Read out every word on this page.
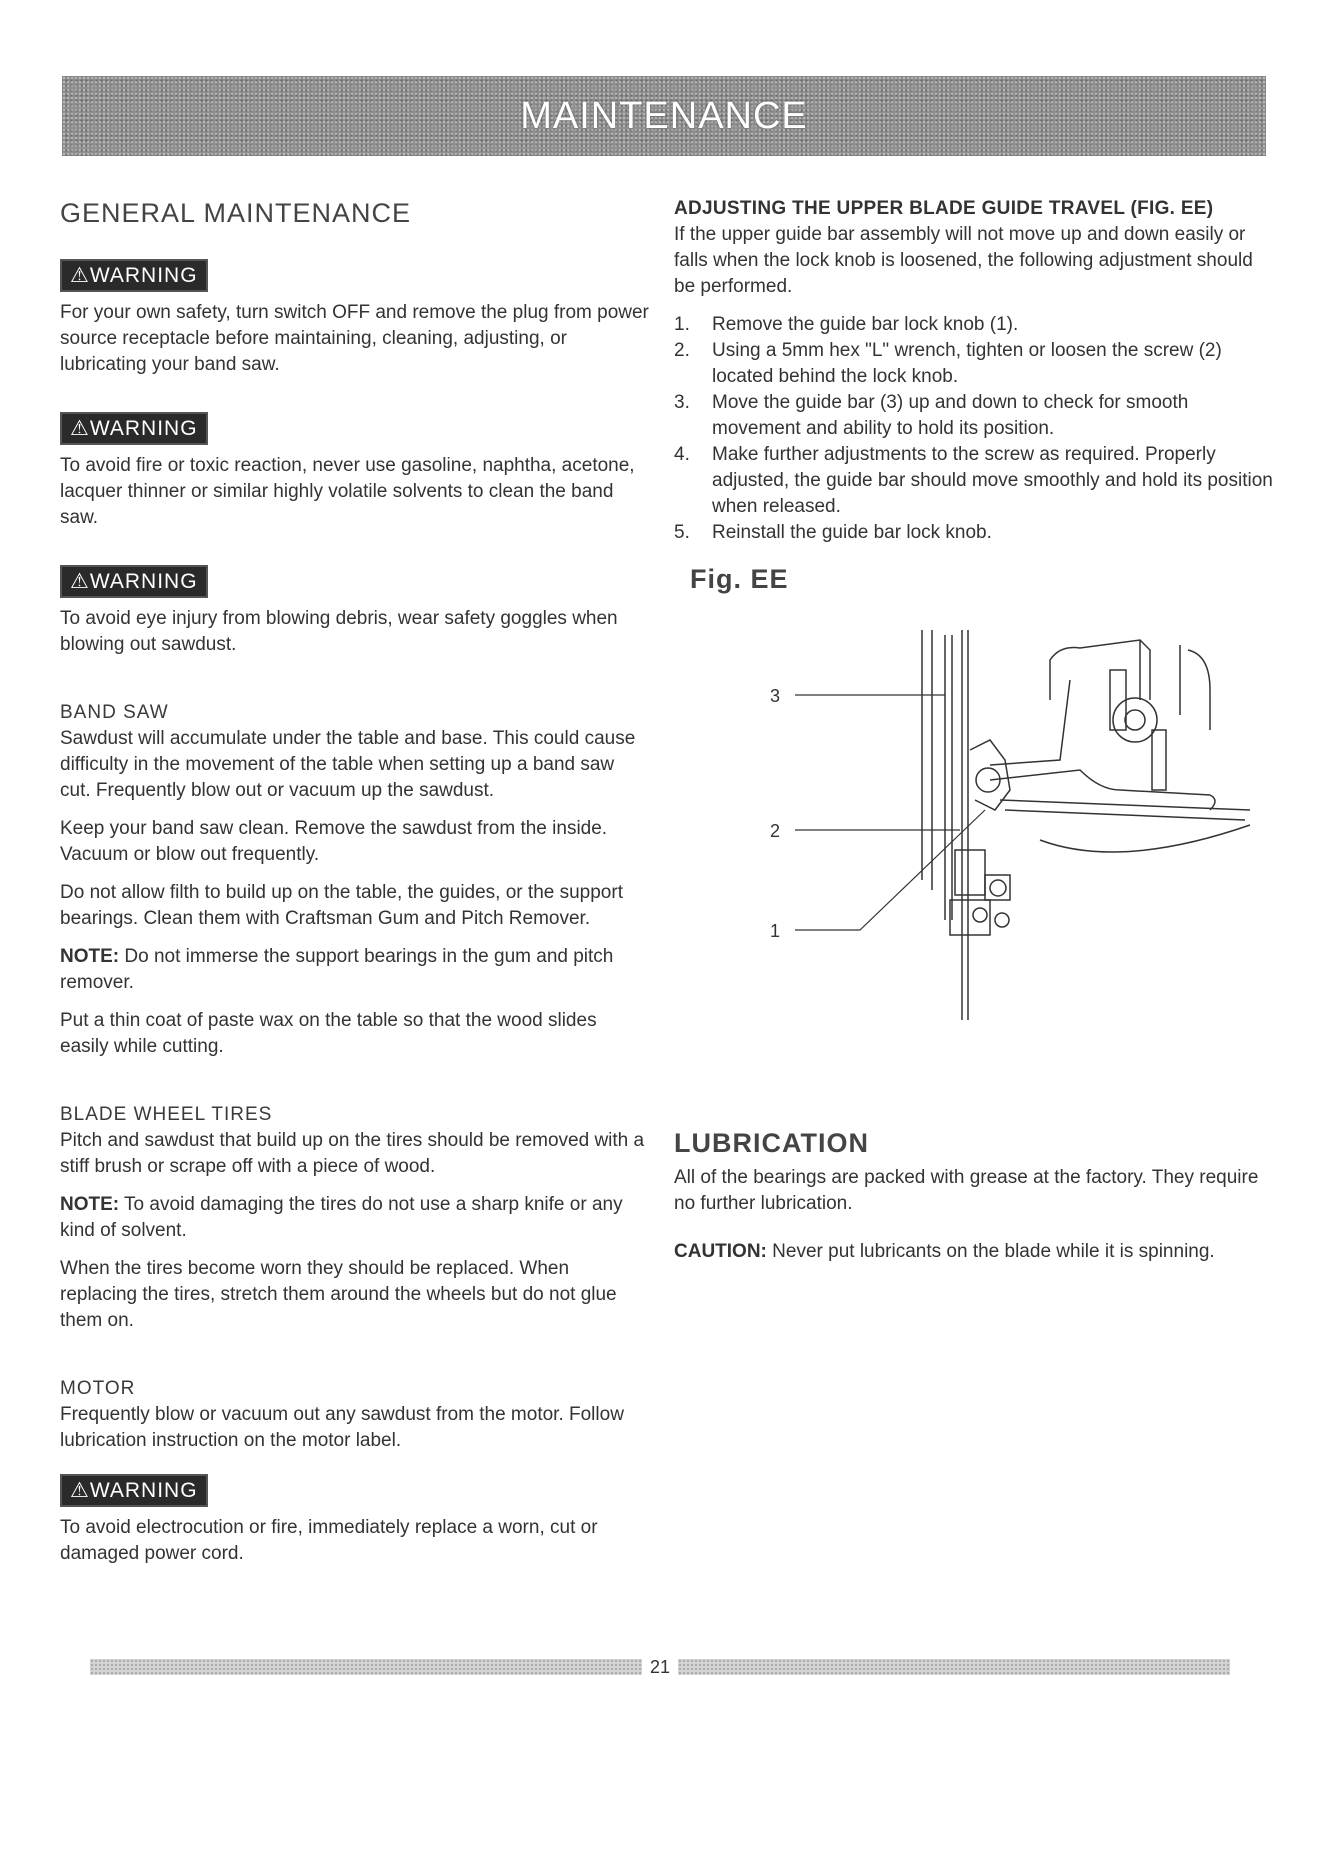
MAINTENANCE
GENERAL MAINTENANCE
⚠WARNING

For your own safety, turn switch OFF and remove the plug from power source receptacle before maintaining, cleaning, adjusting, or lubricating your band saw.

⚠WARNING

To avoid fire or toxic reaction, never use gasoline, naphtha, acetone, lacquer thinner or similar highly volatile solvents to clean the band saw.

⚠WARNING

To avoid eye injury from blowing debris, wear safety goggles when blowing out sawdust.

BAND SAW

Sawdust will accumulate under the table and base. This could cause difficulty in the movement of the table when setting up a band saw cut. Frequently blow out or vacuum up the sawdust.

Keep your band saw clean. Remove the sawdust from the inside. Vacuum or blow out frequently.

Do not allow filth to build up on the table, the guides, or the support bearings. Clean them with Craftsman Gum and Pitch Remover.

NOTE: Do not immerse the support bearings in the gum and pitch remover.

Put a thin coat of paste wax on the table so that the wood slides easily while cutting.

BLADE WHEEL TIRES

Pitch and sawdust that build up on the tires should be removed with a stiff brush or scrape off with a piece of wood.

NOTE: To avoid damaging the tires do not use a sharp knife or any kind of solvent.

When the tires become worn they should be replaced. When replacing the tires, stretch them around the wheels but do not glue them on.

MOTOR

Frequently blow or vacuum out any sawdust from the motor. Follow lubrication instruction on the motor label.

⚠WARNING

To avoid electrocution or fire, immediately replace a worn, cut or damaged power cord.

ADJUSTING THE UPPER BLADE GUIDE TRAVEL (FIG. EE)

If the upper guide bar assembly will not move up and down easily or falls when the lock knob is loosened, the following adjustment should be performed.

1.	Remove the guide bar lock knob (1).
2.	Using a 5mm hex "L" wrench, tighten or loosen the screw (2) located behind the lock knob.
3.	Move the guide bar (3) up and down to check for smooth movement and ability to hold its position.
4.	Make further adjustments to the screw as required. Properly adjusted, the guide bar should move smoothly and hold its position when released.
5.	Reinstall the guide bar lock knob.
Fig. EE
3
2
1
LUBRICATION

All of the bearings are packed with grease at the factory. They require no further lubrication.

CAUTION: Never put lubricants on the blade while it is spinning.

21
